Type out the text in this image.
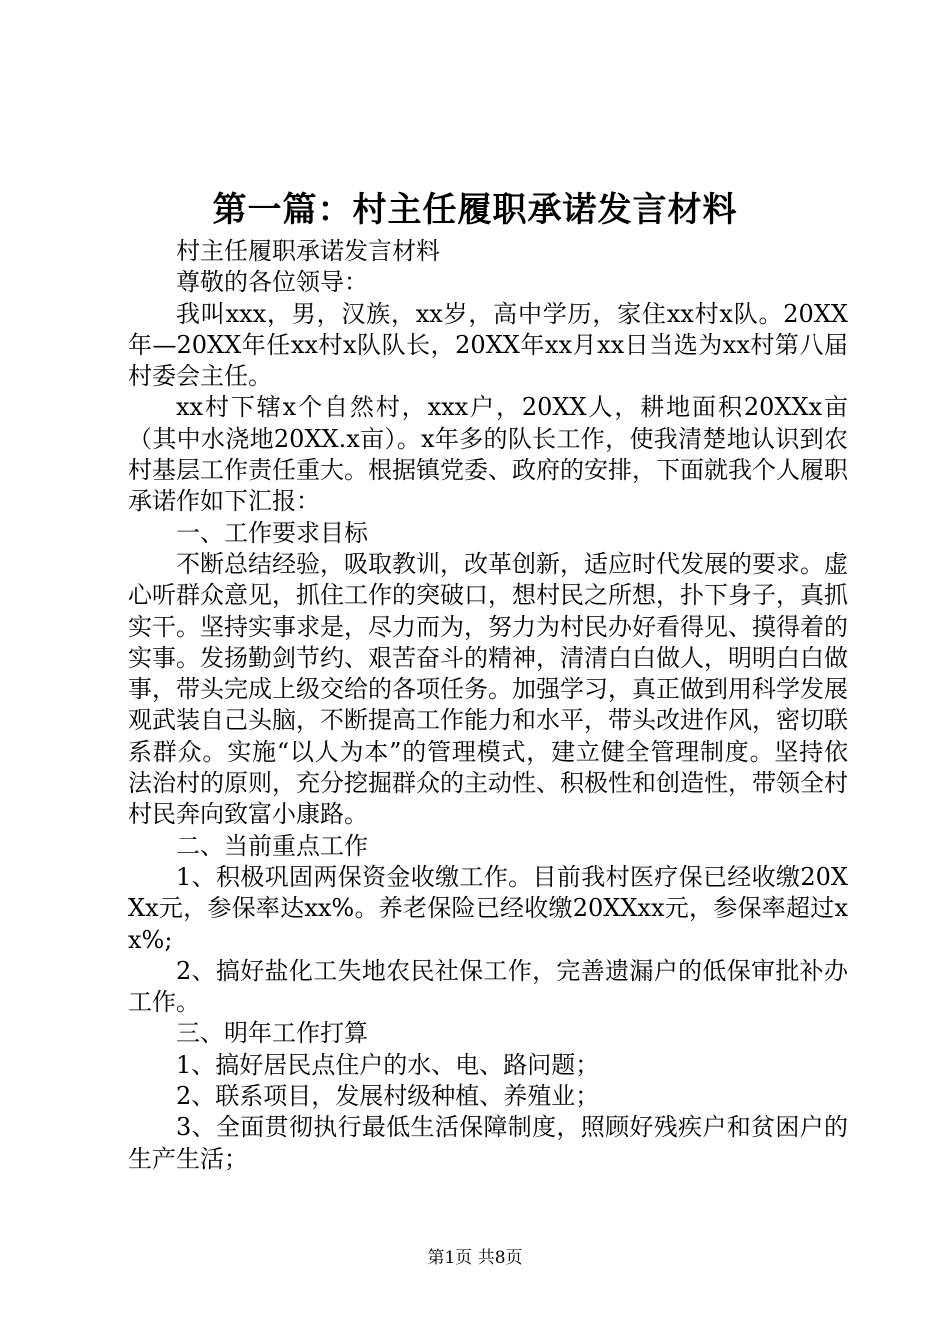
第一篇：村主任履职承诺发言材料

村主任履职承诺发言材料

尊敬的各位领导：

我叫xxx，男，汉族，xx岁，高中学历，家住xx村x队。20XX年—20XX年任xx村x队队长，20XX年xx月xx日当选为xx村第八届村委会主任。

xx村下辖x个自然村，xxx户，20XX人，耕地面积20XXx亩（其中水浇地20XX.x亩）。x年多的队长工作，使我清楚地认识到农村基层工作责任重大。根据镇党委、政府的安排，下面就我个人履职承诺作如下汇报：

一、工作要求目标

不断总结经验，吸取教训，改革创新，适应时代发展的要求。虚心听群众意见，抓住工作的突破口，想村民之所想，扑下身子，真抓实干。坚持实事求是，尽力而为，努力为村民办好看得见、摸得着的实事。发扬勤剑节约、艰苦奋斗的精神，清清白白做人，明明白白做事，带头完成上级交给的各项任务。加强学习，真正做到用科学发展观武装自己头脑，不断提高工作能力和水平，带头改进作风，密切联系群众。实施“以人为本”的管理模式，建立健全管理制度。坚持依法治村的原则，充分挖掘群众的主动性、积极性和创造性，带领全村村民奔向致富小康路。

二、当前重点工作

1、积极巩固两保资金收缴工作。目前我村医疗保已经收缴20XXx元，参保率达xx%。养老保险已经收缴20XXxx元，参保率超过xx%;

2、搞好盐化工失地农民社保工作，完善遗漏户的低保审批补办工作。

三、明年工作打算

1、搞好居民点住户的水、电、路问题；

2、联系项目，发展村级种植、养殖业；

3、全面贯彻执行最低生活保障制度，照顾好残疾户和贫困户的生产生活；

第1页 共8页
